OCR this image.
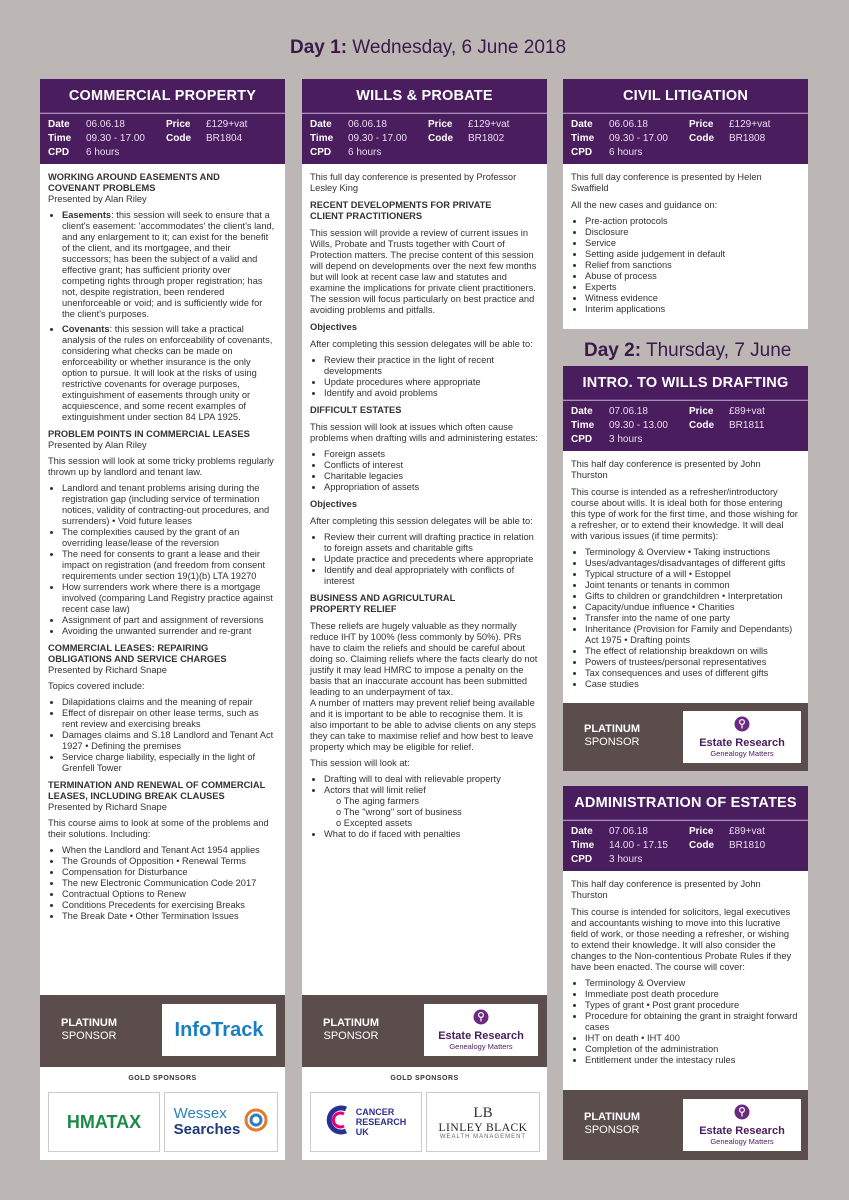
Day 1: Wednesday, 6 June 2018
COMMERCIAL PROPERTY
Date	06.06.18	Price	£129+vat
Time	09.30 - 17.00	Code	BR1804
CPD	6 hours		
WORKING AROUND EASEMENTS AND
COVENANT PROBLEMS

Presented by Alan Riley

• Easements: this session will seek to ensure that a client's easement: 'accommodates' the client's land, and any enlargement to it; can exist for the benefit of the client, and its mortgagee, and their successors; has been the subject of a valid and effective grant; has sufficient priority over competing rights through proper registration; has not, despite registration, been rendered unenforceable or void; and is sufficiently wide for the client's purposes.
• Covenants: this session will take a practical analysis of the rules on enforceability of covenants, considering what checks can be made on enforceability or whether insurance is the only option to pursue. It will look at the risks of using restrictive covenants for overage purposes, extinguishment of easements through unity or acquiescence, and some recent examples of extinguishment under section 84 LPA 1925.
PROBLEM POINTS IN COMMERCIAL LEASES

Presented by Alan Riley

This session will look at some tricky problems regularly thrown up by landlord and tenant law.

• Landlord and tenant problems arising during the registration gap (including service of termination notices, validity of contracting-out procedures, and surrenders) • Void future leases
• The complexities caused by the grant of an overriding lease/lease of the reversion
• The need for consents to grant a lease and their impact on registration (and freedom from consent requirements under section 19(1)(b) LTA 19270
• How surrenders work where there is a mortgage involved (comparing Land Registry practice against recent case law)
• Assignment of part and assignment of reversions
• Avoiding the unwanted surrender and re-grant
COMMERCIAL LEASES: REPAIRING
OBLIGATIONS AND SERVICE CHARGES

Presented by Richard Snape

Topics covered include:

• Dilapidations claims and the meaning of repair
• Effect of disrepair on other lease terms, such as rent review and exercising breaks
• Damages claims and S.18 Landlord and Tenant Act 1927 • Defining the premises
• Service charge liability, especially in the light of Grenfell Tower
TERMINATION AND RENEWAL OF COMMERCIAL
LEASES, INCLUDING BREAK CLAUSES

Presented by Richard Snape

This course aims to look at some of the problems and their solutions. Including:

• When the Landlord and Tenant Act 1954 applies
• The Grounds of Opposition • Renewal Terms
• Compensation for Disturbance
• The new Electronic Communication Code 2017
• Contractual Options to Renew
• Conditions Precedents for exercising Breaks
• The Break Date • Other Termination Issues
PLATINUM
SPONSOR	InfoTrack
GOLD SPONSORS
HMATAX Wessex
Searches
WILLS & PROBATE
Date	06.06.18	Price	£129+vat
Time	09.30 - 17.00	Code	BR1802
CPD	6 hours		

This full day conference is presented by Professor Lesley King

RECENT DEVELOPMENTS FOR PRIVATE
CLIENT PRACTITIONERS

This session will provide a review of current issues in Wills, Probate and Trusts together with Court of Protection matters. The precise content of this session will depend on developments over the next few months but will look at recent case law and statutes and examine the implications for private client practitioners. The session will focus particularly on best practice and avoiding problems and pitfalls.

Objectives

After completing this session delegates will be able to:

• Review their practice in the light of recent developments
• Update procedures where appropriate
• Identify and avoid problems
DIFFICULT ESTATES

This session will look at issues which often cause problems when drafting wills and administering estates:

• Foreign assets
• Conflicts of interest
• Charitable legacies
• Appropriation of assets
Objectives

After completing this session delegates will be able to:

• Review their current will drafting practice in relation to foreign assets and charitable gifts
• Update practice and precedents where appropriate
• Identify and deal appropriately with conflicts of interest
BUSINESS AND AGRICULTURAL
PROPERTY RELIEF

These reliefs are hugely valuable as they normally reduce IHT by 100% (less commonly by 50%). PRs have to claim the reliefs and should be careful about doing so. Claiming reliefs where the facts clearly do not justify it may lead HMRC to impose a penalty on the basis that an inaccurate account has been submitted leading to an underpayment of tax.

A number of matters may prevent relief being available and it is important to be able to recognise them. It is also important to be able to advise clients on any steps they can take to maximise relief and how best to leave property which may be eligible for relief.

This session will look at:

• Drafting will to deal with relievable property
• Actors that will limit relief
o The aging farmers
o The "wrong" sort of business
o Excepted assets
• What to do if faced with penalties
PLATINUM
SPONSOR	Estate Research
Genealogy Matters
GOLD SPONSORS
CANCER
RESEARCH
UK
LB
LINLEY BLACK
WEALTH MANAGEMENT
CIVIL LITIGATION
Date	06.06.18	Price	£129+vat
Time	09.30 - 17.00	Code	BR1808
CPD	6 hours		

This full day conference is presented by Helen Swaffield

All the new cases and guidance on:

• Pre-action protocols
• Disclosure
• Service
• Setting aside judgement in default
• Relief from sanctions
• Abuse of process
• Experts
• Witness evidence
• Interim applications
Day 2: Thursday, 7 June
INTRO. TO WILLS DRAFTING
Date	07.06.18	Price	£89+vat
Time	09.30 - 13.00	Code	BR1811
CPD	3 hours		

This half day conference is presented by John Thurston

This course is intended as a refresher/introductory course about wills. It is ideal both for those entering this type of work for the first time, and those wishing for a refresher, or to extend their knowledge. It will deal with various issues (if time permits):

• Terminology & Overview • Taking instructions
• Uses/advantages/disadvantages of different gifts
• Typical structure of a will • Estoppel
• Joint tenants or tenants in common
• Gifts to children or grandchildren • Interpretation
• Capacity/undue influence • Charities
• Transfer into the name of one party
• Inheritance (Provision for Family and Dependants) Act 1975 • Drafting points
• The effect of relationship breakdown on wills
• Powers of trustees/personal representatives
• Tax consequences and uses of different gifts
• Case studies
PLATINUM
SPONSOR	Estate Research
Genealogy Matters
ADMINISTRATION OF ESTATES
Date	07.06.18	Price	£89+vat
Time	14.00 - 17.15	Code	BR1810
CPD	3 hours		

This half day conference is presented by John Thurston

This course is intended for solicitors, legal executives and accountants wishing to move into this lucrative field of work, or those needing a refresher, or wishing to extend their knowledge. It will also consider the changes to the Non-contentious Probate Rules if they have been enacted. The course will cover:

• Terminology & Overview
• Immediate post death procedure
• Types of grant • Post grant procedure
• Procedure for obtaining the grant in straight forward cases
• IHT on death • IHT 400
• Completion of the administration
• Entitlement under the intestacy rules
PLATINUM
SPONSOR	Estate Research
Genealogy Matters
